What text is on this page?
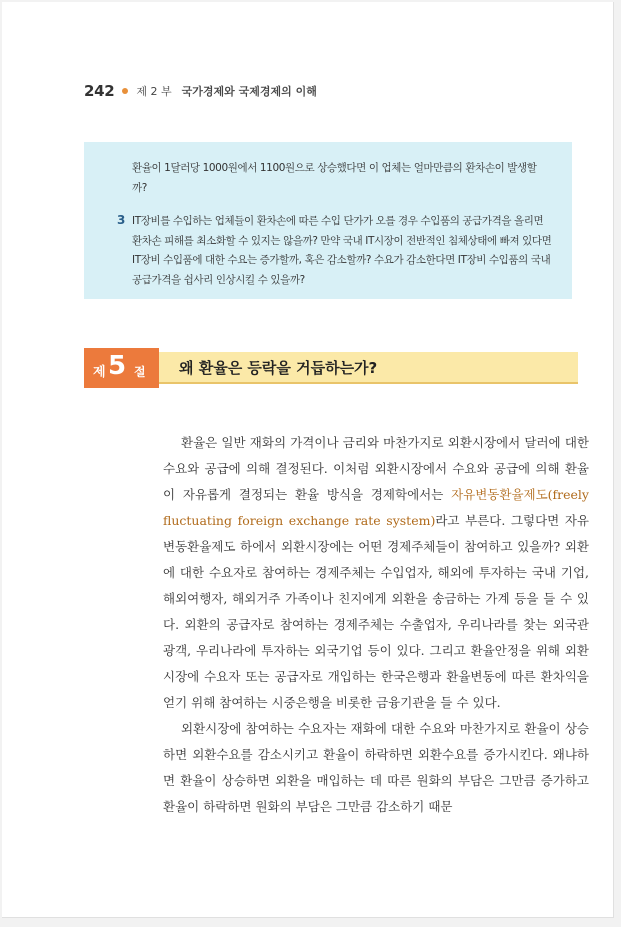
242 제 2 부 국가경제와 국제경제의 이해
환율이 1달러당 1000원에서 1100원으로 상승했다면 이 업체는 얼마만큼의 환차손이 발생할까?
3 IT장비를 수입하는 업체들이 환차손에 따른 수입 단가가 오를 경우 수입품의 공급가격을 올리면 환차손 피해를 최소화할 수 있지는 않을까? 만약 국내 IT시장이 전반적인 침체상태에 빠져 있다면 IT장비 수입품에 대한 수요는 증가할까, 혹은 감소할까? 수요가 감소한다면 IT장비 수입품의 국내 공급가격을 쉽사리 인상시킬 수 있을까?
제 5 절 왜 환율은 등락을 거듭하는가?

환율은 일반 재화의 가격이나 금리와 마찬가지로 외환시장에서 달러에 대한 수요와 공급에 의해 결정된다. 이처럼 외환시장에서 수요와 공급에 의해 환율이 자유롭게 결정되는 환율 방식을 경제학에서는 자유변동환율제도(freely fluctuating foreign exchange rate system)라고 부른다. 그렇다면 자유변동환율제도 하에서 외환시장에는 어떤 경제주체들이 참여하고 있을까? 외환에 대한 수요자로 참여하는 경제주체는 수입업자, 해외에 투자하는 국내 기업, 해외여행자, 해외거주 가족이나 친지에게 외환을 송금하는 가계 등을 들 수 있다. 외환의 공급자로 참여하는 경제주체는 수출업자, 우리나라를 찾는 외국관광객, 우리나라에 투자하는 외국기업 등이 있다. 그리고 환율안정을 위해 외환시장에 수요자 또는 공급자로 개입하는 한국은행과 환율변동에 따른 환차익을 얻기 위해 참여하는 시중은행을 비롯한 금융기관을 들 수 있다.

외환시장에 참여하는 수요자는 재화에 대한 수요와 마찬가지로 환율이 상승하면 외환수요를 감소시키고 환율이 하락하면 외환수요를 증가시킨다. 왜냐하면 환율이 상승하면 외환을 매입하는 데 따른 원화의 부담은 그만큼 증가하고 환율이 하락하면 원화의 부담은 그만큼 감소하기 때문
